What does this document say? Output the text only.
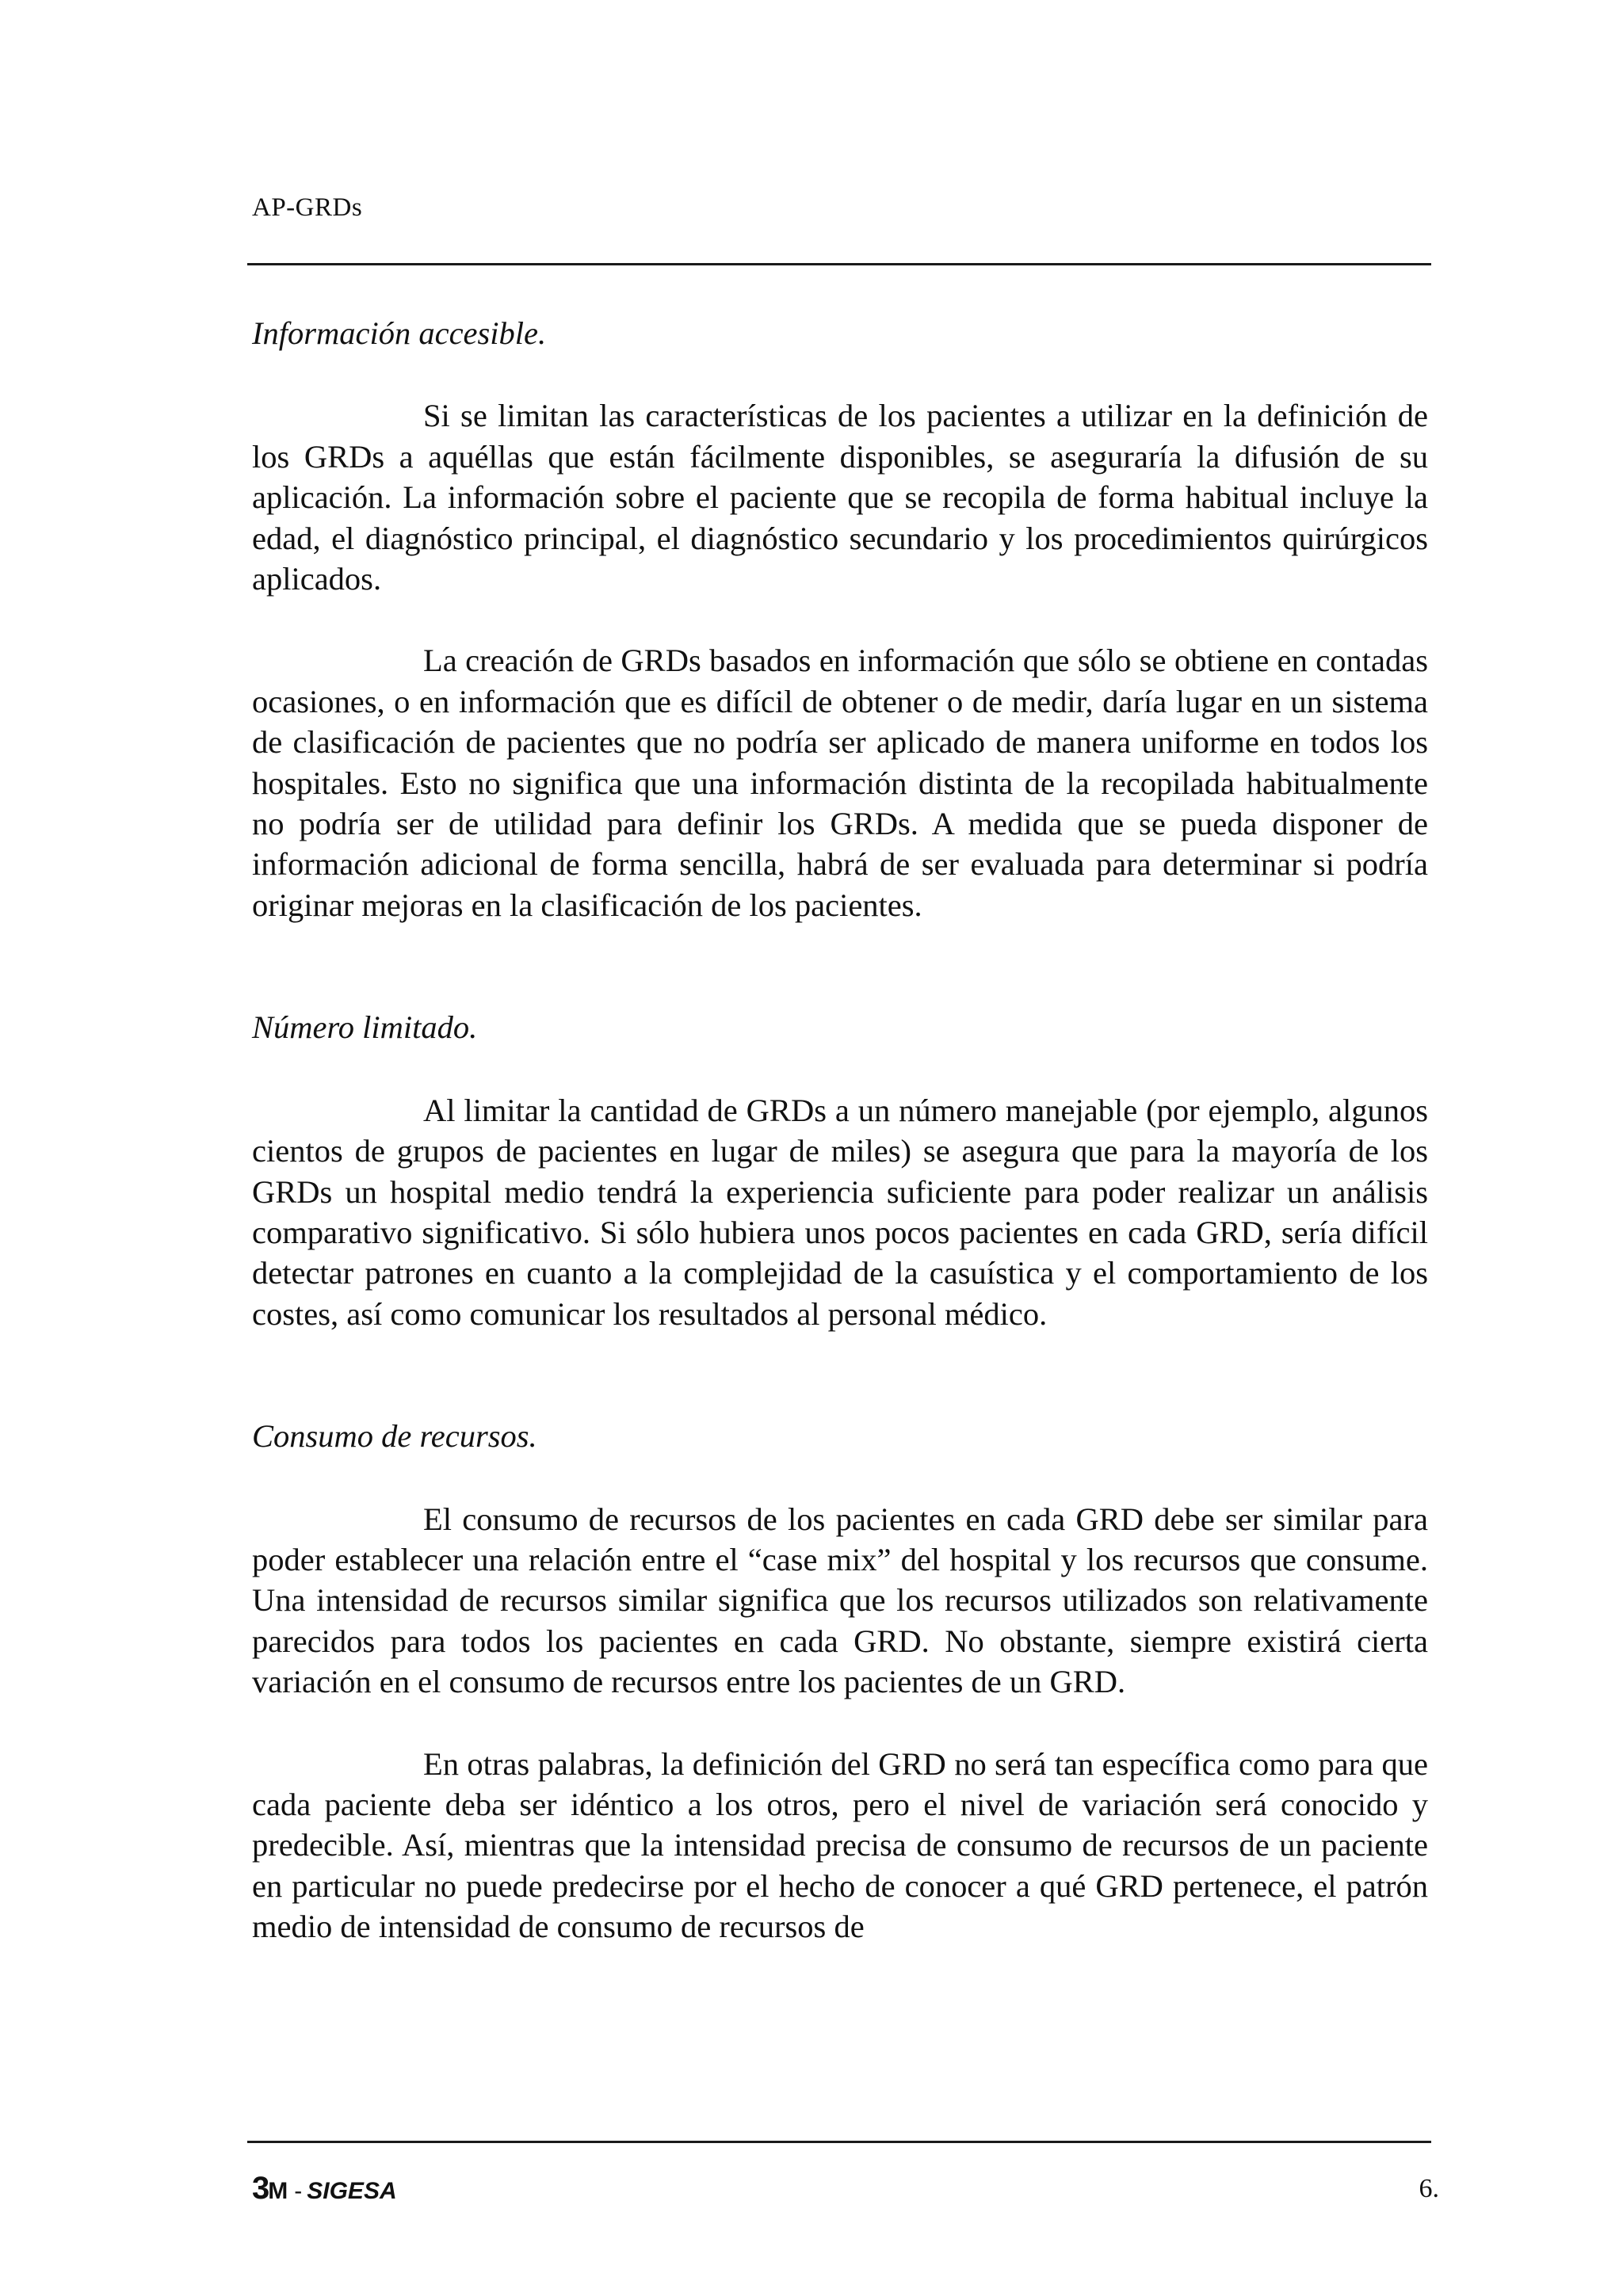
AP-GRDs
Información accesible.

Si se limitan las características de los pacientes a utilizar en la definición de los GRDs a aquéllas que están fácilmente disponibles, se aseguraría la difusión de su aplicación. La información sobre el paciente que se recopila de forma habitual incluye la edad, el diagnóstico principal, el diagnóstico secundario y los procedimientos quirúrgicos aplicados.

La creación de GRDs basados en información que sólo se obtiene en contadas ocasiones, o en información que es difícil de obtener o de medir, daría lugar en un sistema de clasificación de pacientes que no podría ser aplicado de manera uniforme en todos los hospitales. Esto no significa que una información distinta de la recopilada habitualmente no podría ser de utilidad para definir los GRDs. A medida que se pueda disponer de información adicional de forma sencilla, habrá de ser evaluada para determinar si podría originar mejoras en la clasificación de los pacientes.

Número limitado.

Al limitar la cantidad de GRDs a un número manejable (por ejemplo, algunos cientos de grupos de pacientes en lugar de miles) se asegura que para la mayoría de los GRDs un hospital medio tendrá la experiencia suficiente para poder realizar un análisis comparativo significativo. Si sólo hubiera unos pocos pacientes en cada GRD, sería difícil detectar patrones en cuanto a la complejidad de la casuística y el comportamiento de los costes, así como comunicar los resultados al personal médico.

Consumo de recursos.

El consumo de recursos de los pacientes en cada GRD debe ser similar para poder establecer una relación entre el “case mix” del hospital y los recursos que consume. Una intensidad de recursos similar significa que los recursos utilizados son relativamente parecidos para todos los pacientes en cada GRD. No obstante, siempre existirá cierta variación en el consumo de recursos entre los pacientes de un GRD.

En otras palabras, la definición del GRD no será tan específica como para que cada paciente deba ser idéntico a los otros, pero el nivel de variación será conocido y predecible. Así, mientras que la intensidad precisa de consumo de recursos de un paciente en particular no puede predecirse por el hecho de conocer a qué GRD pertenece, el patrón medio de intensidad de consumo de recursos de

3M - SIGESA	6.
